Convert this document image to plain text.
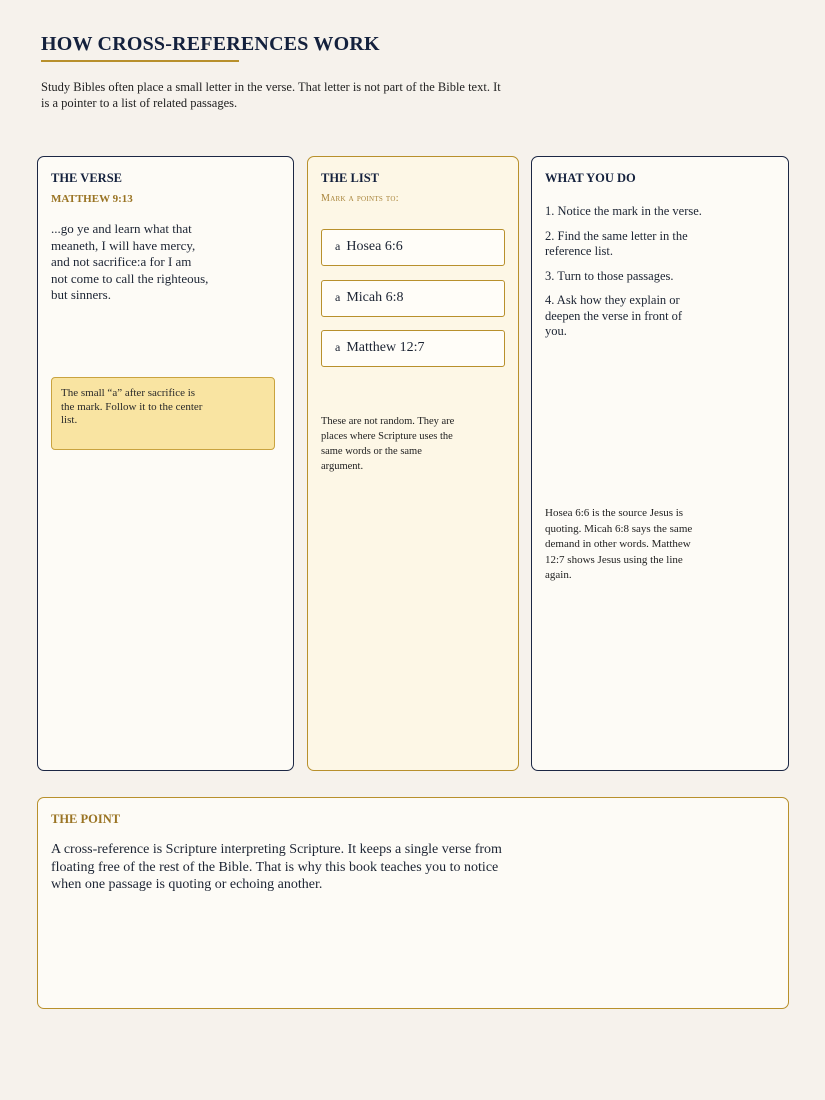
HOW CROSS-REFERENCES WORK

Study Bibles often place a small letter in the verse. That letter is not part of the Bible text. It is a pointer to a list of related passages.

THE VERSE
MATTHEW 9:13
...go ye and learn what that meaneth, I will have mercy, and not sacrifice:a for I am not come to call the righteous, but sinners.
The small “a” after sacrifice is the mark. Follow it to the center list.
THE LIST
Mark a points to:
a Hosea 6:6
a Micah 6:8
a Matthew 12:7
These are not random. They are places where Scripture uses the same words or the same argument.
WHAT YOU DO
1. Notice the mark in the verse.
2. Find the same letter in the reference list.
3. Turn to those passages.
4. Ask how they explain or deepen the verse in front of you.
Hosea 6:6 is the source Jesus is quoting. Micah 6:8 says the same demand in other words. Matthew 12:7 shows Jesus using the line again.
THE POINT
A cross-reference is Scripture interpreting Scripture. It keeps a single verse from floating free of the rest of the Bible. That is why this book teaches you to notice when one passage is quoting or echoing another.
